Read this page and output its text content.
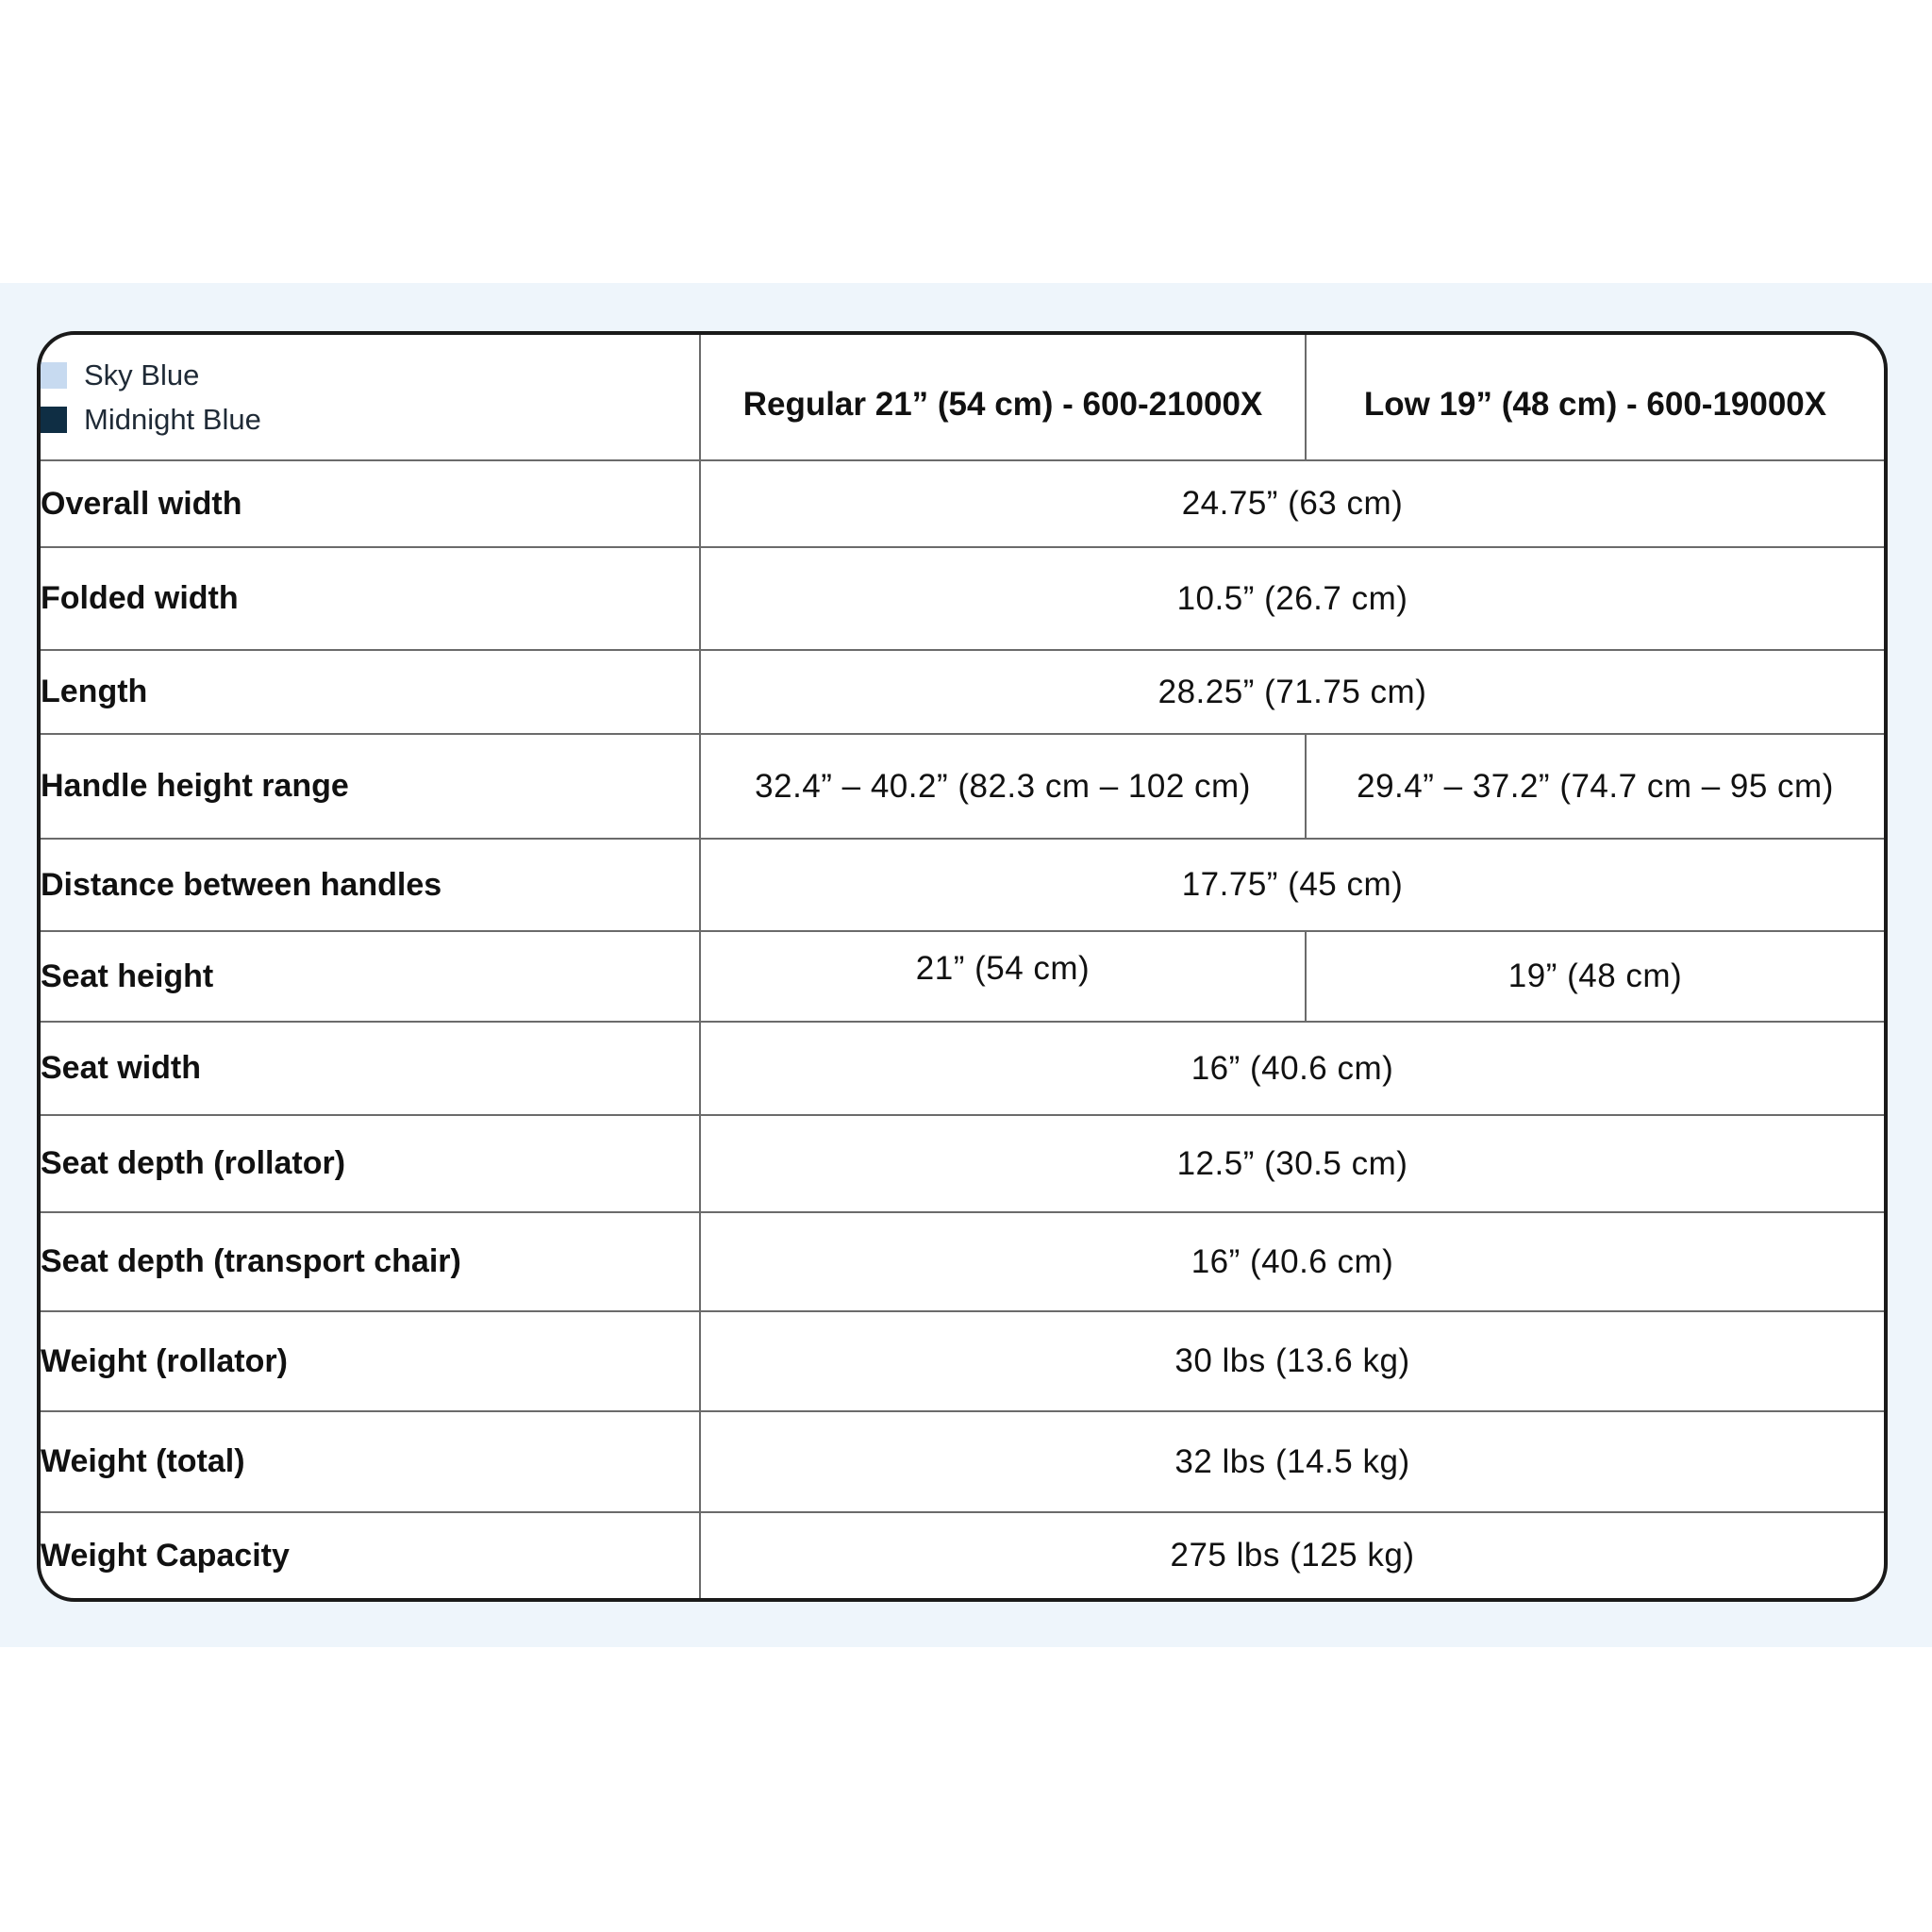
Sky Blue
Midnight Blue	Regular 21” (54 cm) - 600-21000X	Low 19” (48 cm) - 600-19000X
Overall width	24.75” (63 cm)	
Folded width	10.5” (26.7 cm)	
Length	28.25” (71.75 cm)	
Handle height range	32.4” – 40.2” (82.3 cm – 102 cm)	29.4” – 37.2” (74.7 cm – 95 cm)
Distance between handles	17.75” (45 cm)	
Seat height	21” (54 cm)	19” (48 cm)
Seat width	16” (40.6 cm)	
Seat depth (rollator)	12.5” (30.5 cm)	
Seat depth (transport chair)	16” (40.6 cm)	
Weight (rollator)	30 lbs (13.6 kg)	
Weight (total)	32 lbs (14.5 kg)	
Weight Capacity	275 lbs (125 kg)	
